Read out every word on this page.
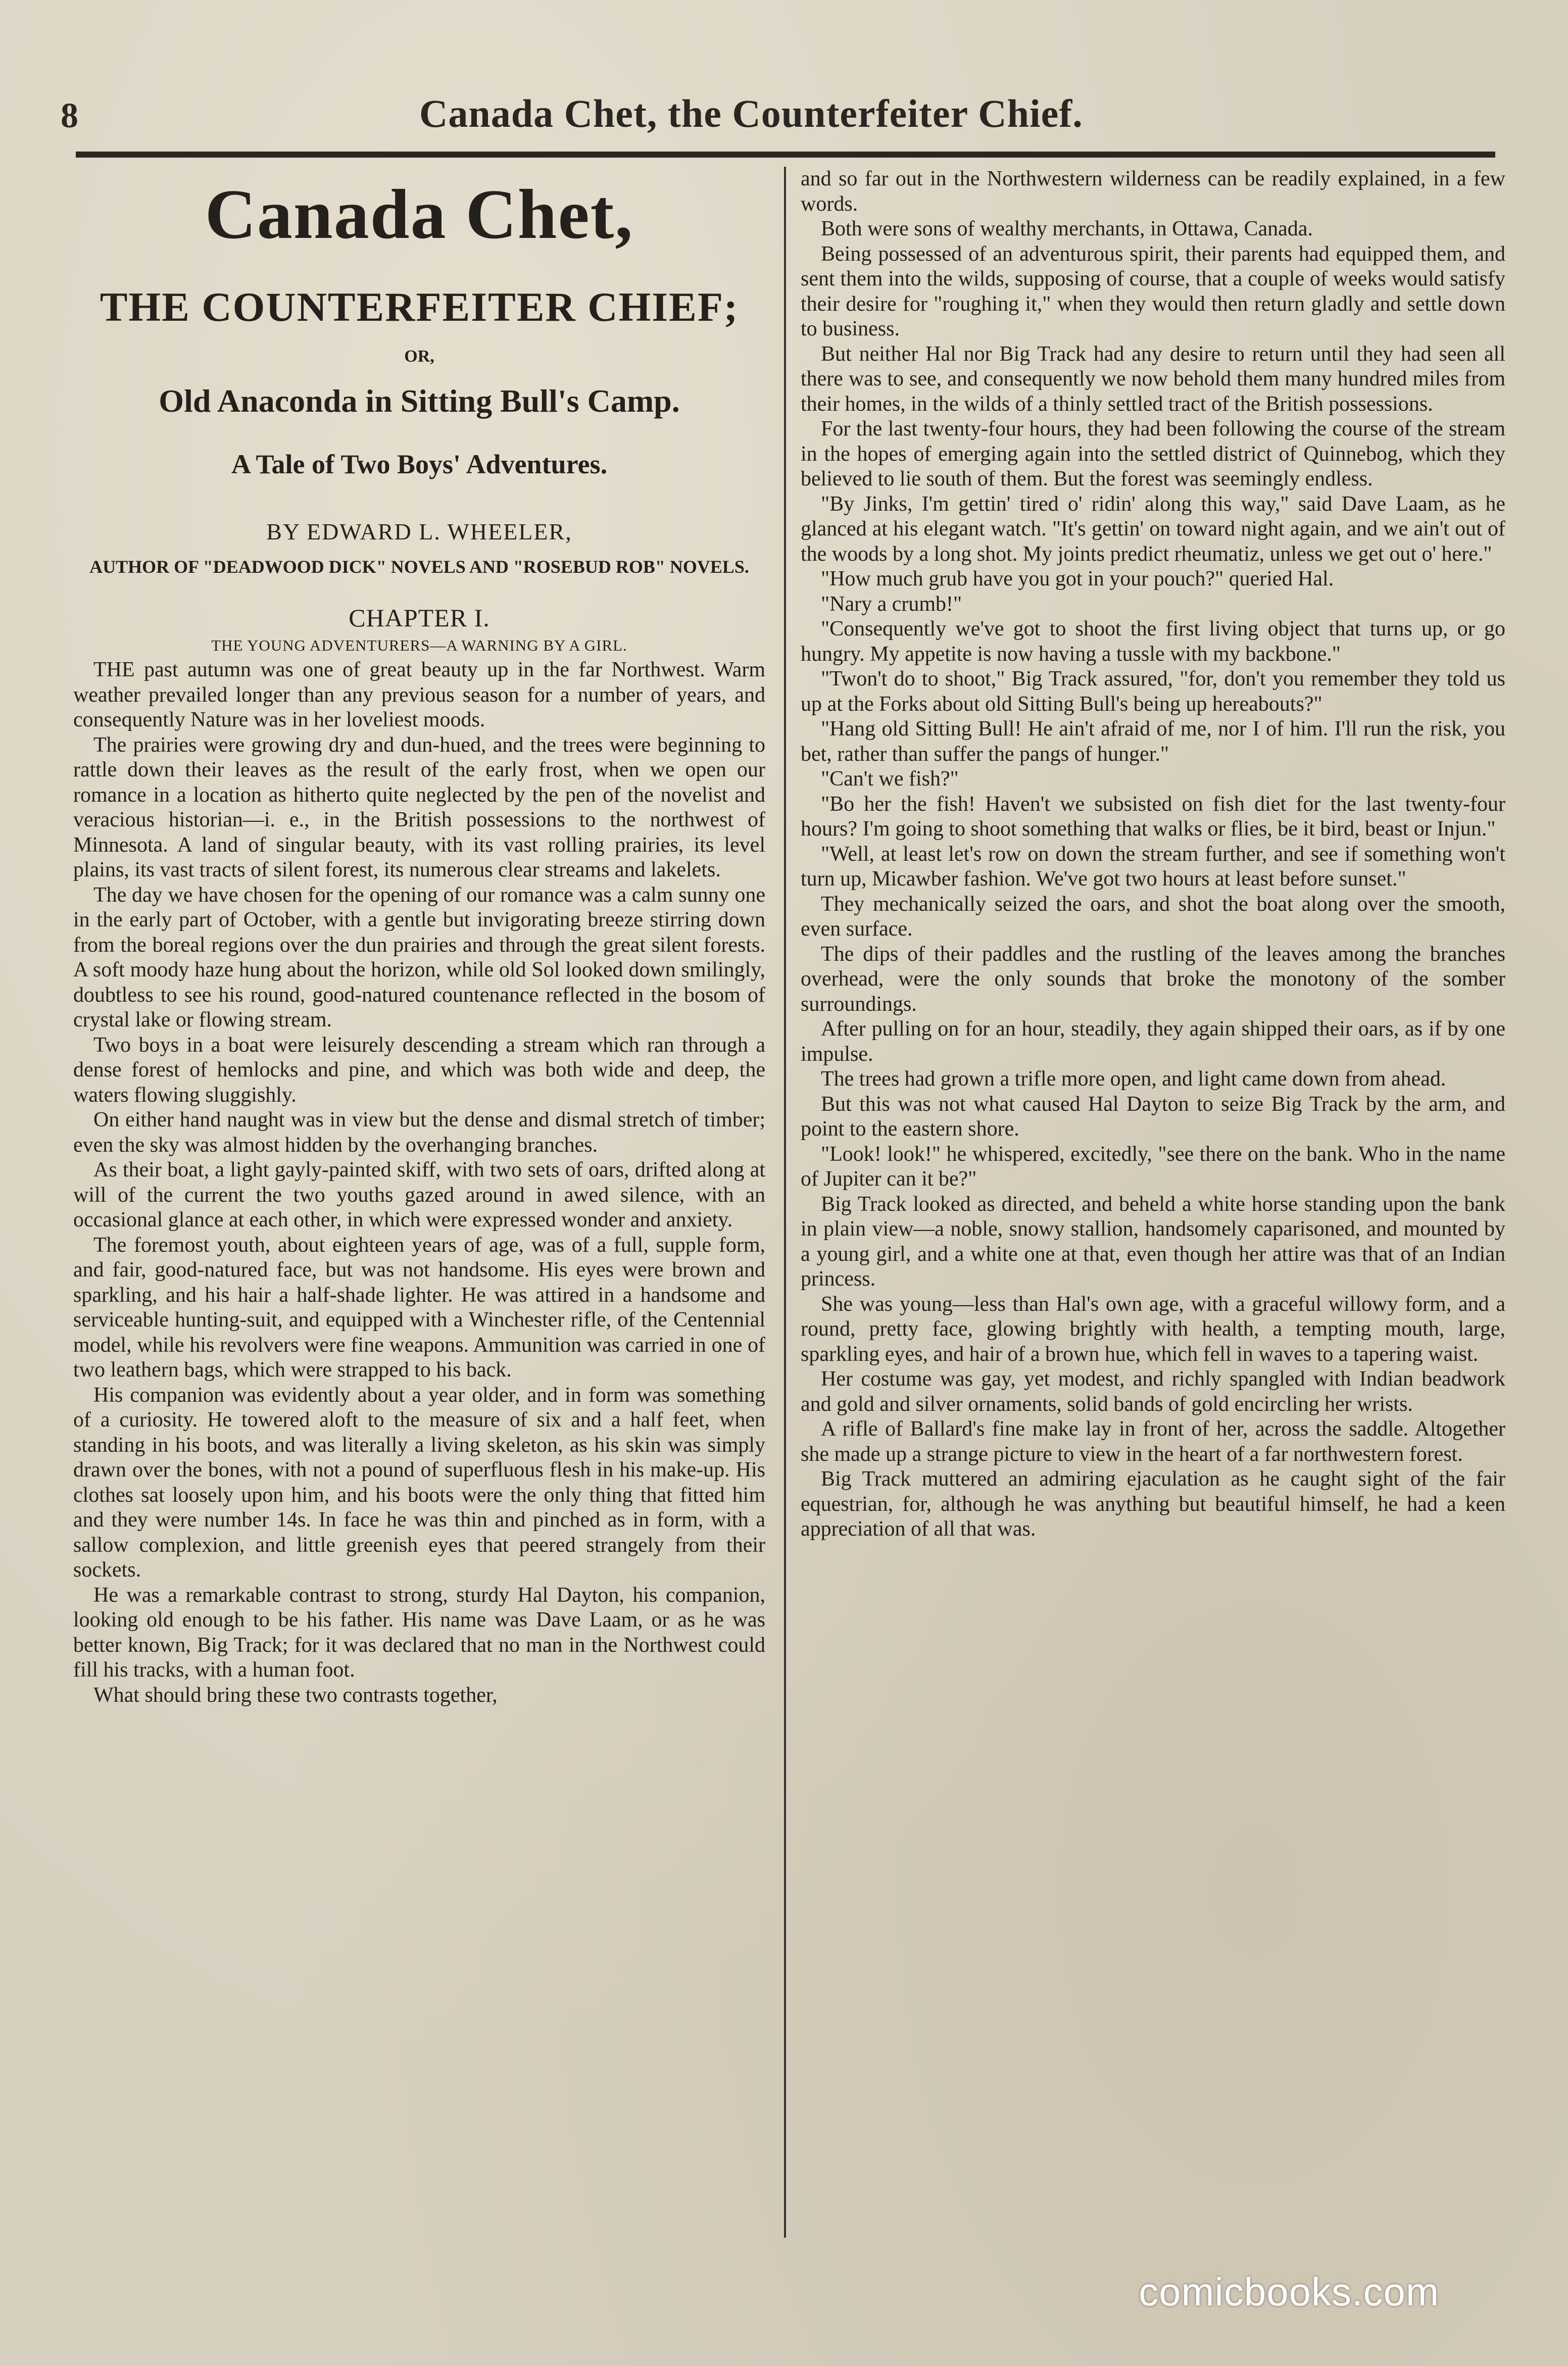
8	Canada Chet, the Counterfeiter Chief.
Canada Chet,
THE COUNTERFEITER CHIEF;
OR,
Old Anaconda in Sitting Bull's Camp.
A Tale of Two Boys' Adventures.
BY EDWARD L. WHEELER,
AUTHOR OF "DEADWOOD DICK" NOVELS AND "ROSEBUD ROB" NOVELS.
CHAPTER I.
THE YOUNG ADVENTURERS—A WARNING BY A GIRL.

THE past autumn was one of great beauty up in the far Northwest. Warm weather prevailed longer than any previous season for a number of years, and consequently Nature was in her loveliest moods.

The prairies were growing dry and dun-hued, and the trees were beginning to rattle down their leaves as the result of the early frost, when we open our romance in a location as hitherto quite neglected by the pen of the novelist and veracious historian—i. e., in the British possessions to the northwest of Minnesota. A land of singular beauty, with its vast rolling prairies, its level plains, its vast tracts of silent forest, its numerous clear streams and lakelets.

The day we have chosen for the opening of our romance was a calm sunny one in the early part of October, with a gentle but invigorating breeze stirring down from the boreal regions over the dun prairies and through the great silent forests. A soft moody haze hung about the horizon, while old Sol looked down smilingly, doubtless to see his round, good-natured countenance reflected in the bosom of crystal lake or flowing stream.

Two boys in a boat were leisurely descending a stream which ran through a dense forest of hemlocks and pine, and which was both wide and deep, the waters flowing sluggishly.

On either hand naught was in view but the dense and dismal stretch of timber; even the sky was almost hidden by the overhanging branches.

As their boat, a light gayly-painted skiff, with two sets of oars, drifted along at will of the current the two youths gazed around in awed silence, with an occasional glance at each other, in which were expressed wonder and anxiety.

The foremost youth, about eighteen years of age, was of a full, supple form, and fair, good-natured face, but was not handsome. His eyes were brown and sparkling, and his hair a half-shade lighter. He was attired in a handsome and serviceable hunting-suit, and equipped with a Winchester rifle, of the Centennial model, while his revolvers were fine weapons. Ammunition was carried in one of two leathern bags, which were strapped to his back.

His companion was evidently about a year older, and in form was something of a curiosity. He towered aloft to the measure of six and a half feet, when standing in his boots, and was literally a living skeleton, as his skin was simply drawn over the bones, with not a pound of superfluous flesh in his make-up. His clothes sat loosely upon him, and his boots were the only thing that fitted him and they were number 14s. In face he was thin and pinched as in form, with a sallow complexion, and little greenish eyes that peered strangely from their sockets.

He was a remarkable contrast to strong, sturdy Hal Dayton, his companion, looking old enough to be his father. His name was Dave Laam, or as he was better known, Big Track; for it was declared that no man in the Northwest could fill his tracks, with a human foot.

What should bring these two contrasts together,

and so far out in the Northwestern wilderness can be readily explained, in a few words.

Both were sons of wealthy merchants, in Ottawa, Canada.

Being possessed of an adventurous spirit, their parents had equipped them, and sent them into the wilds, supposing of course, that a couple of weeks would satisfy their desire for "roughing it," when they would then return gladly and settle down to business.

But neither Hal nor Big Track had any desire to return until they had seen all there was to see, and consequently we now behold them many hundred miles from their homes, in the wilds of a thinly settled tract of the British possessions.

For the last twenty-four hours, they had been following the course of the stream in the hopes of emerging again into the settled district of Quinnebog, which they believed to lie south of them. But the forest was seemingly endless.

"By Jinks, I'm gettin' tired o' ridin' along this way," said Dave Laam, as he glanced at his elegant watch. "It's gettin' on toward night again, and we ain't out of the woods by a long shot. My joints predict rheumatiz, unless we get out o' here."

"How much grub have you got in your pouch?" queried Hal.

"Nary a crumb!"

"Consequently we've got to shoot the first living object that turns up, or go hungry. My appetite is now having a tussle with my backbone."

"Twon't do to shoot," Big Track assured, "for, don't you remember they told us up at the Forks about old Sitting Bull's being up hereabouts?"

"Hang old Sitting Bull! He ain't afraid of me, nor I of him. I'll run the risk, you bet, rather than suffer the pangs of hunger."

"Can't we fish?"

"Bo her the fish! Haven't we subsisted on fish diet for the last twenty-four hours? I'm going to shoot something that walks or flies, be it bird, beast or Injun."

"Well, at least let's row on down the stream further, and see if something won't turn up, Micawber fashion. We've got two hours at least before sunset."

They mechanically seized the oars, and shot the boat along over the smooth, even surface.

The dips of their paddles and the rustling of the leaves among the branches overhead, were the only sounds that broke the monotony of the somber surroundings.

After pulling on for an hour, steadily, they again shipped their oars, as if by one impulse.

The trees had grown a trifle more open, and light came down from ahead.

But this was not what caused Hal Dayton to seize Big Track by the arm, and point to the eastern shore.

"Look! look!" he whispered, excitedly, "see there on the bank. Who in the name of Jupiter can it be?"

Big Track looked as directed, and beheld a white horse standing upon the bank in plain view—a noble, snowy stallion, handsomely caparisoned, and mounted by a young girl, and a white one at that, even though her attire was that of an Indian princess.

She was young—less than Hal's own age, with a graceful willowy form, and a round, pretty face, glowing brightly with health, a tempting mouth, large, sparkling eyes, and hair of a brown hue, which fell in waves to a tapering waist.

Her costume was gay, yet modest, and richly spangled with Indian beadwork and gold and silver ornaments, solid bands of gold encircling her wrists.

A rifle of Ballard's fine make lay in front of her, across the saddle. Altogether she made up a strange picture to view in the heart of a far northwestern forest.

Big Track muttered an admiring ejaculation as he caught sight of the fair equestrian, for, although he was anything but beautiful himself, he had a keen appreciation of all that was.

comicbooks.com
